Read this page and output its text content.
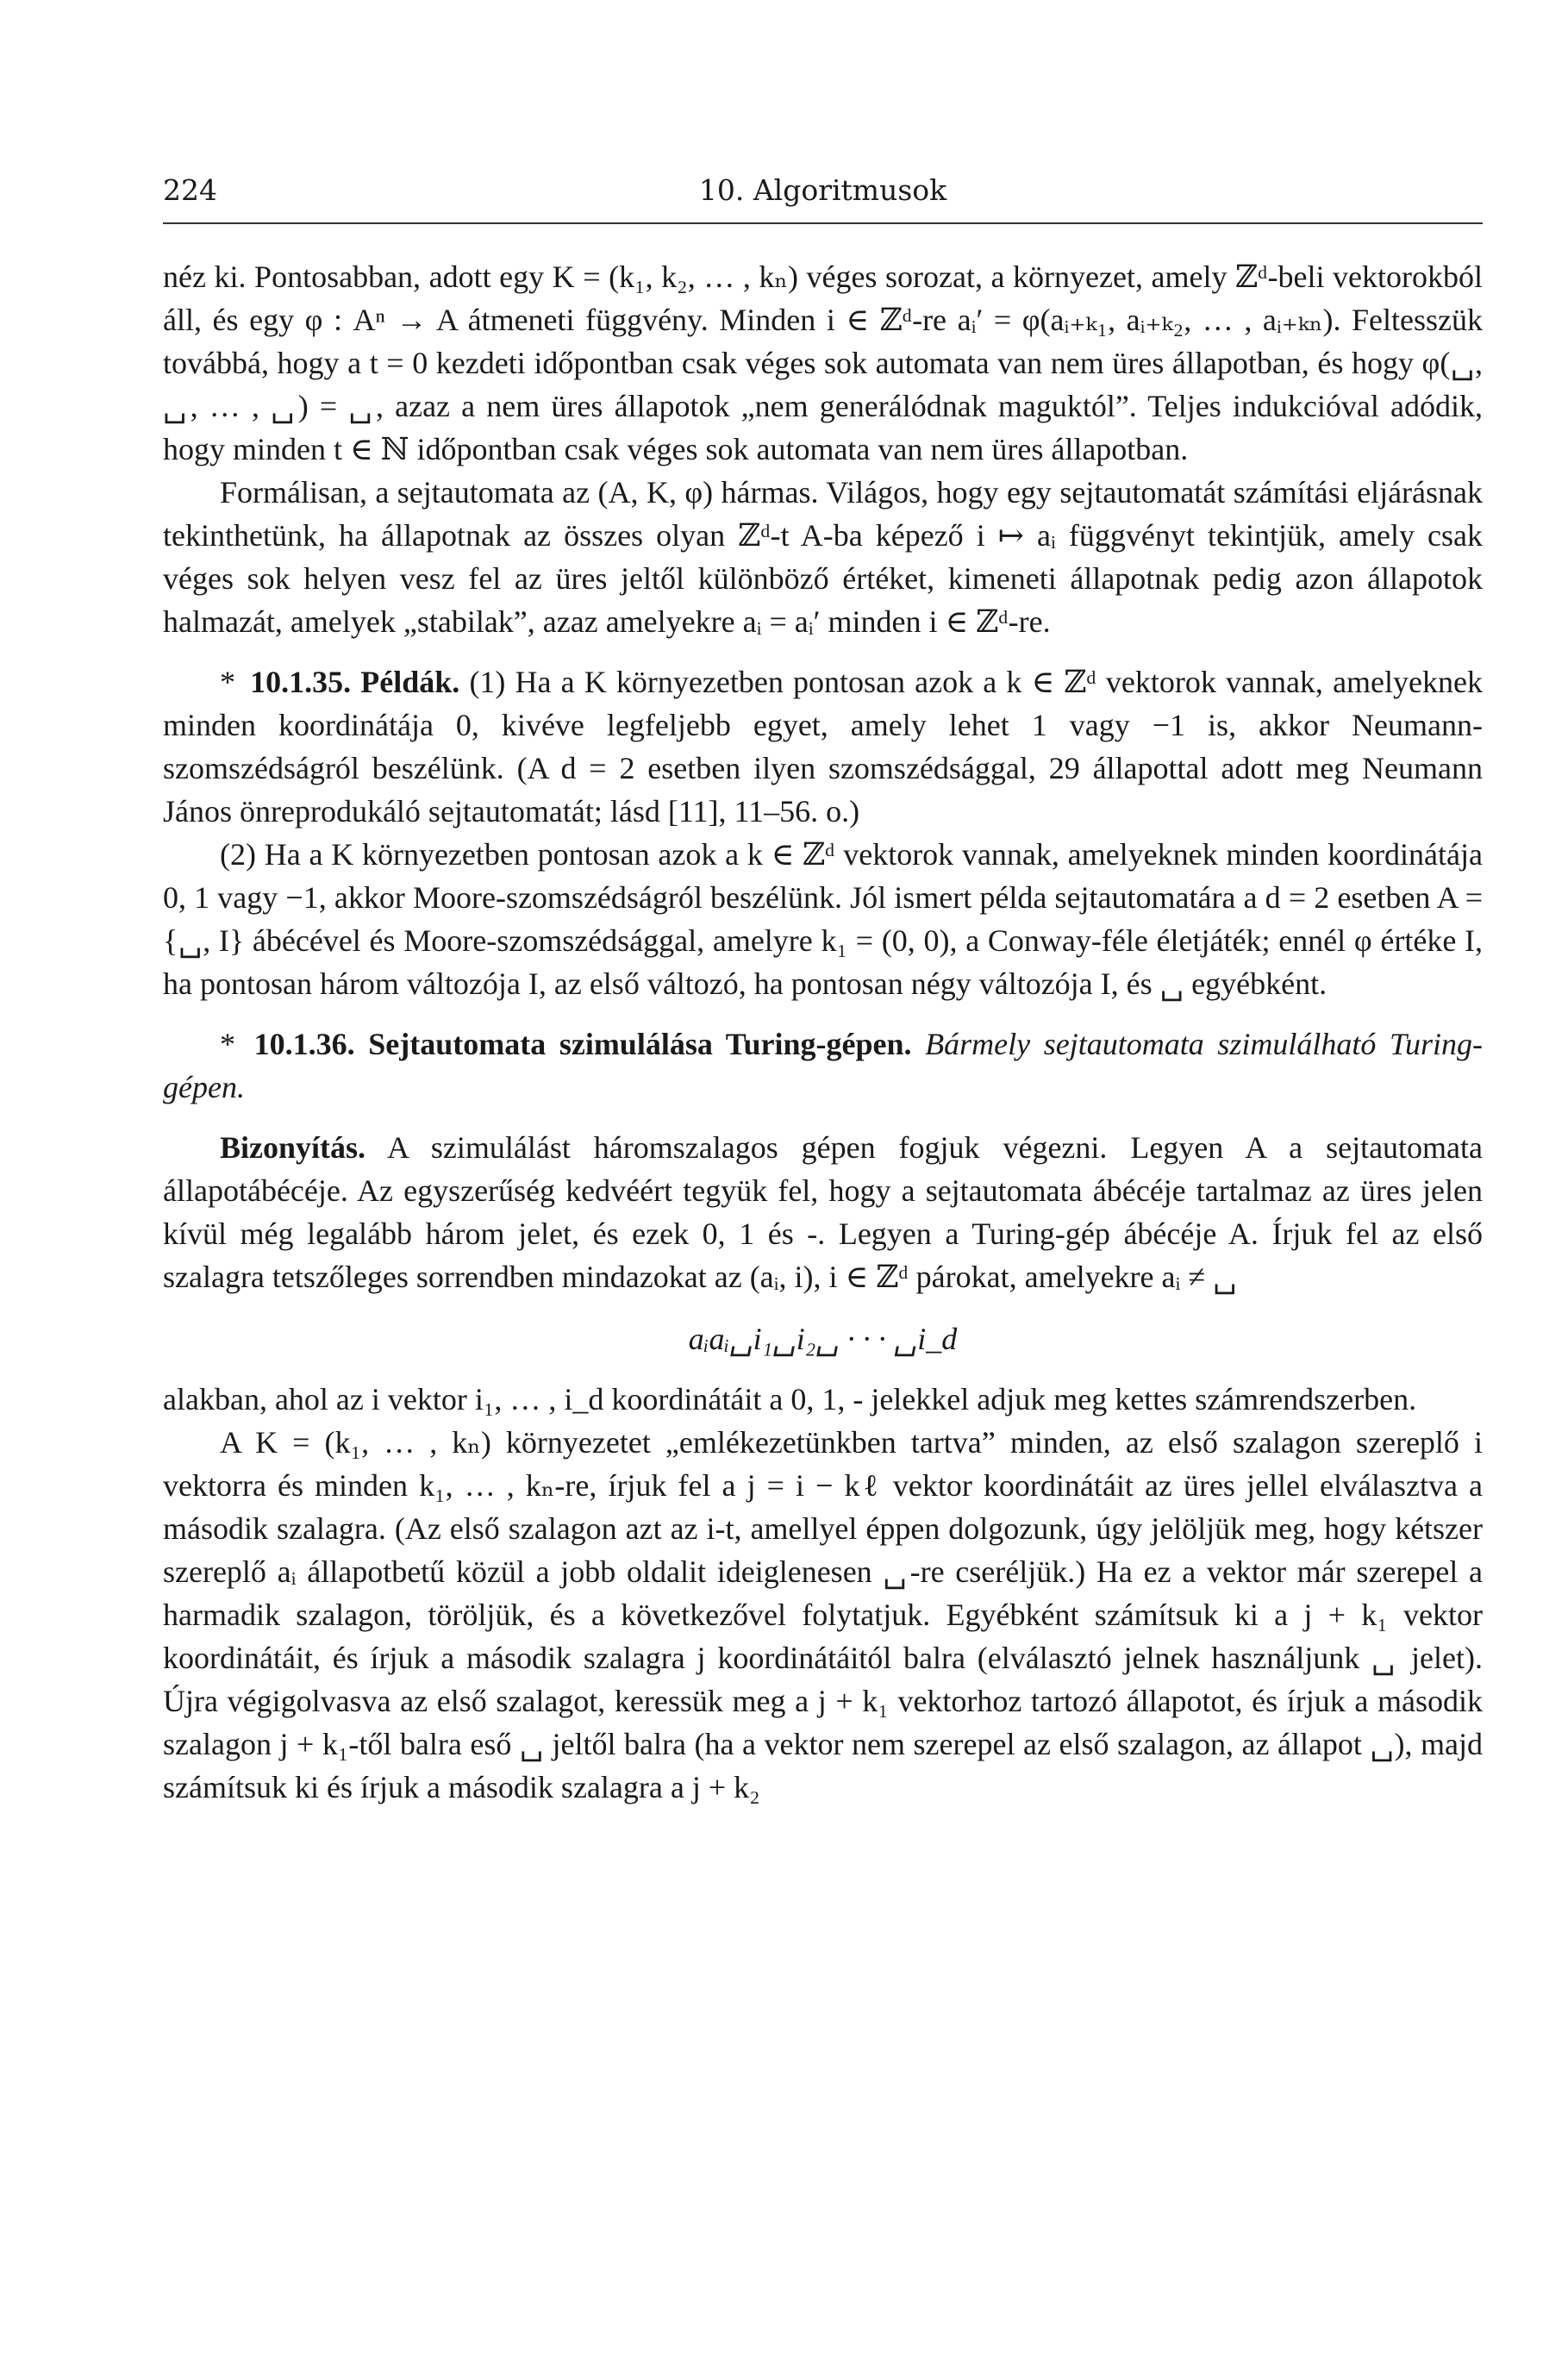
224	10. Algoritmusok

néz ki. Pontosabban, adott egy K = (k₁, k₂, … , kₙ) véges sorozat, a környezet, amely ℤᵈ-beli vektorokból áll, és egy φ : Aⁿ → A átmeneti függvény. Minden i ∈ ℤᵈ-re aᵢ′ = φ(aᵢ₊ₖ₁, aᵢ₊ₖ₂, … , aᵢ₊ₖₙ). Feltesszük továbbá, hogy a t = 0 kezdeti időpontban csak véges sok automata van nem üres állapotban, és hogy φ(␣, ␣, … , ␣) = ␣, azaz a nem üres állapotok „nem generálódnak maguktól”. Teljes indukcióval adódik, hogy minden t ∈ ℕ időpontban csak véges sok automata van nem üres állapotban.

Formálisan, a sejtautomata az (A, K, φ) hármas. Világos, hogy egy sejtautomatát számítási eljárásnak tekinthetünk, ha állapotnak az összes olyan ℤᵈ-t A-ba képező i ↦ aᵢ függvényt tekintjük, amely csak véges sok helyen vesz fel az üres jeltől különböző értéket, kimeneti állapotnak pedig azon állapotok halmazát, amelyek „stabilak”, azaz amelyekre aᵢ = aᵢ′ minden i ∈ ℤᵈ-re.

* 10.1.35. Példák. (1) Ha a K környezetben pontosan azok a k ∈ ℤᵈ vektorok vannak, amelyeknek minden koordinátája 0, kivéve legfeljebb egyet, amely lehet 1 vagy −1 is, akkor Neumann-szomszédságról beszélünk. (A d = 2 esetben ilyen szomszédsággal, 29 állapottal adott meg Neumann János önreprodukáló sejtautomatát; lásd [11], 11–56. o.)

(2) Ha a K környezetben pontosan azok a k ∈ ℤᵈ vektorok vannak, amelyeknek minden koordinátája 0, 1 vagy −1, akkor Moore-szomszédságról beszélünk. Jól ismert példa sejtautomatára a d = 2 esetben A = {␣, I} ábécével és Moore-szomszédsággal, amelyre k₁ = (0, 0), a Conway-féle életjáték; ennél φ értéke I, ha pontosan három változója I, az első változó, ha pontosan négy változója I, és ␣ egyébként.

* 10.1.36. Sejtautomata szimulálása Turing-gépen. Bármely sejtautomata szimulálható Turing-gépen.

Bizonyítás. A szimulálást háromszalagos gépen fogjuk végezni. Legyen A a sejtautomata állapotábécéje. Az egyszerűség kedvéért tegyük fel, hogy a sejtautomata ábécéje tartalmaz az üres jelen kívül még legalább három jelet, és ezek 0, 1 és -. Legyen a Turing-gép ábécéje A. Írjuk fel az első szalagra tetszőleges sorrendben mindazokat az (aᵢ, i), i ∈ ℤᵈ párokat, amelyekre aᵢ ≠ ␣

aᵢaᵢ␣i₁␣i₂␣ · · · ␣i_d

alakban, ahol az i vektor i₁, … , i_d koordinátáit a 0, 1, - jelekkel adjuk meg kettes számrendszerben.

A K = (k₁, … , kₙ) környezetet „emlékezetünkben tartva” minden, az első szalagon szereplő i vektorra és minden k₁, … , kₙ-re, írjuk fel a j = i − kℓ vektor koordinátáit az üres jellel elválasztva a második szalagra. (Az első szalagon azt az i-t, amellyel éppen dolgozunk, úgy jelöljük meg, hogy kétszer szereplő aᵢ állapotbetű közül a jobb oldalit ideiglenesen ␣-re cseréljük.) Ha ez a vektor már szerepel a harmadik szalagon, töröljük, és a következővel folytatjuk. Egyébként számítsuk ki a j + k₁ vektor koordinátáit, és írjuk a második szalagra j koordinátáitól balra (elválasztó jelnek használjunk ␣ jelet). Újra végigolvasva az első szalagot, keressük meg a j + k₁ vektorhoz tartozó állapotot, és írjuk a második szalagon j + k₁-től balra eső ␣ jeltől balra (ha a vektor nem szerepel az első szalagon, az állapot ␣), majd számítsuk ki és írjuk a második szalagra a j + k₂
